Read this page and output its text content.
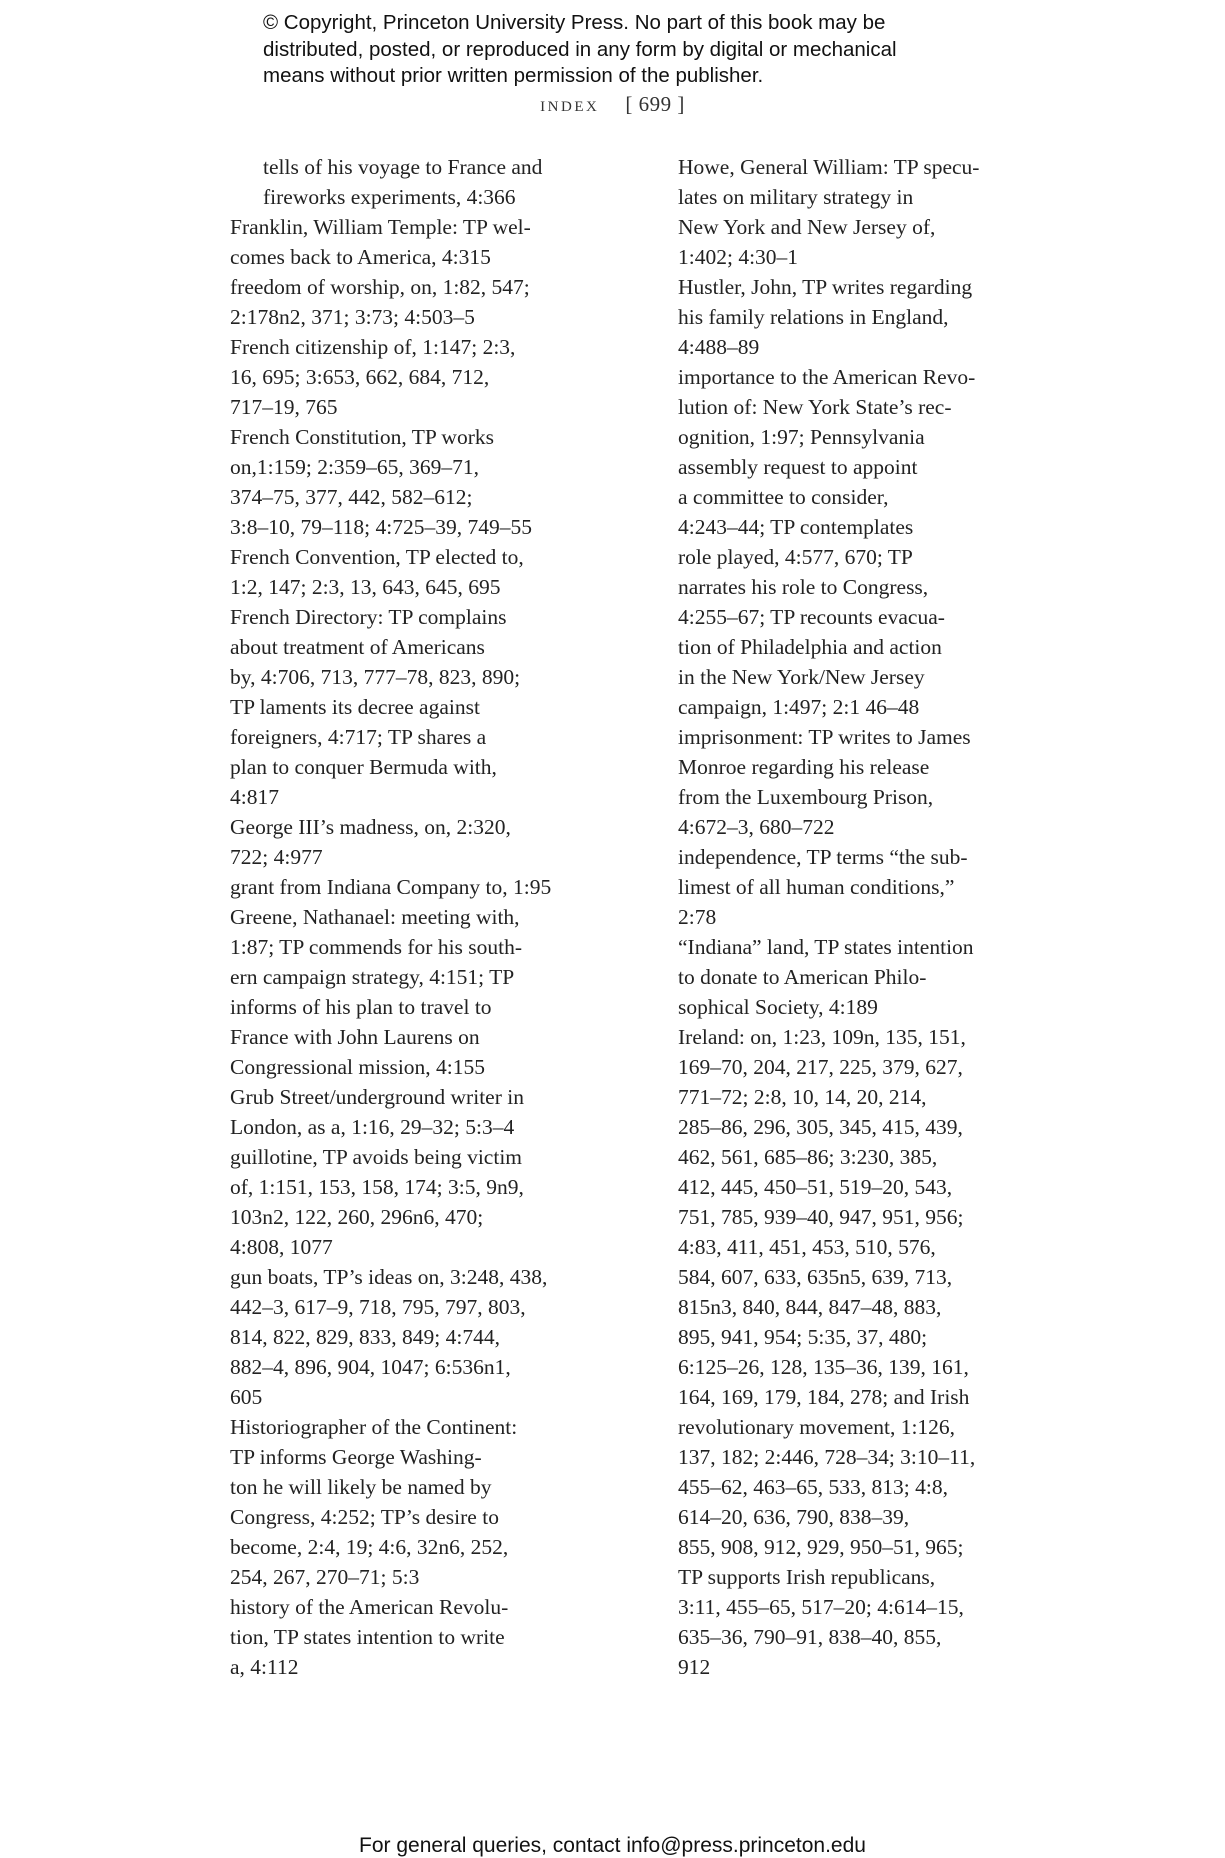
© Copyright, Princeton University Press. No part of this book may be
distributed, posted, or reproduced in any form by digital or mechanical
means without prior written permission of the publisher.
INDEX [ 699 ]

tells of his voyage to France and
fireworks experiments, 4:366

Franklin, William Temple: TP wel-
comes back to America, 4:315

freedom of worship, on, 1:82, 547;
2:178n2, 371; 3:73; 4:503–5

French citizenship of, 1:147; 2:3,
16, 695; 3:653, 662, 684, 712,
717–19, 765

French Constitution, TP works
on,1:159; 2:359–65, 369–71,
374–75, 377, 442, 582–612;
3:8–10, 79–118; 4:725–39, 749–55

French Convention, TP elected to,
1:2, 147; 2:3, 13, 643, 645, 695

French Directory: TP complains
about treatment of Americans
by, 4:706, 713, 777–78, 823, 890;
TP laments its decree against
foreigners, 4:717; TP shares a
plan to conquer Bermuda with,
4:817

George III’s madness, on, 2:320,
722; 4:977

grant from Indiana Company to, 1:95

Greene, Nathanael: meeting with,
1:87; TP commends for his south-
ern campaign strategy, 4:151; TP
informs of his plan to travel to
France with John Laurens on
Congressional mission, 4:155

Grub Street/underground writer in
London, as a, 1:16, 29–32; 5:3–4

guillotine, TP avoids being victim
of, 1:151, 153, 158, 174; 3:5, 9n9,
103n2, 122, 260, 296n6, 470;
4:808, 1077

gun boats, TP’s ideas on, 3:248, 438,
442–3, 617–9, 718, 795, 797, 803,
814, 822, 829, 833, 849; 4:744,
882–4, 896, 904, 1047; 6:536n1,
605

Historiographer of the Continent:
TP informs George Washing-
ton he will likely be named by
Congress, 4:252; TP’s desire to
become, 2:4, 19; 4:6, 32n6, 252,
254, 267, 270–71; 5:3

history of the American Revolu-
tion, TP states intention to write
a, 4:112

Howe, General William: TP specu-
lates on military strategy in
New York and New Jersey of,
1:402; 4:30–1

Hustler, John, TP writes regarding
his family relations in England,
4:488–89

importance to the American Revo-
lution of: New York State’s rec-
ognition, 1:97; Pennsylvania
assembly request to appoint
a committee to consider,
4:243–44; TP contemplates
role played, 4:577, 670; TP
narrates his role to Congress,
4:255–67; TP recounts evacua-
tion of Philadelphia and action
in the New York/New Jersey
campaign, 1:497; 2:1 46–48

imprisonment: TP writes to James
Monroe regarding his release
from the Luxembourg Prison,
4:672–3, 680–722

independence, TP terms “the sub-
limest of all human conditions,”
2:78

“Indiana” land, TP states intention
to donate to American Philo-
sophical Society, 4:189

Ireland: on, 1:23, 109n, 135, 151,
169–70, 204, 217, 225, 379, 627,
771–72; 2:8, 10, 14, 20, 214,
285–86, 296, 305, 345, 415, 439,
462, 561, 685–86; 3:230, 385,
412, 445, 450–51, 519–20, 543,
751, 785, 939–40, 947, 951, 956;
4:83, 411, 451, 453, 510, 576,
584, 607, 633, 635n5, 639, 713,
815n3, 840, 844, 847–48, 883,
895, 941, 954; 5:35, 37, 480;
6:125–26, 128, 135–36, 139, 161,
164, 169, 179, 184, 278; and Irish
revolutionary movement, 1:126,
137, 182; 2:446, 728–34; 3:10–11,
455–62, 463–65, 533, 813; 4:8,
614–20, 636, 790, 838–39,
855, 908, 912, 929, 950–51, 965;
TP supports Irish republicans,
3:11, 455–65, 517–20; 4:614–15,
635–36, 790–91, 838–40, 855,
912

For general queries, contact info@press.princeton.edu
